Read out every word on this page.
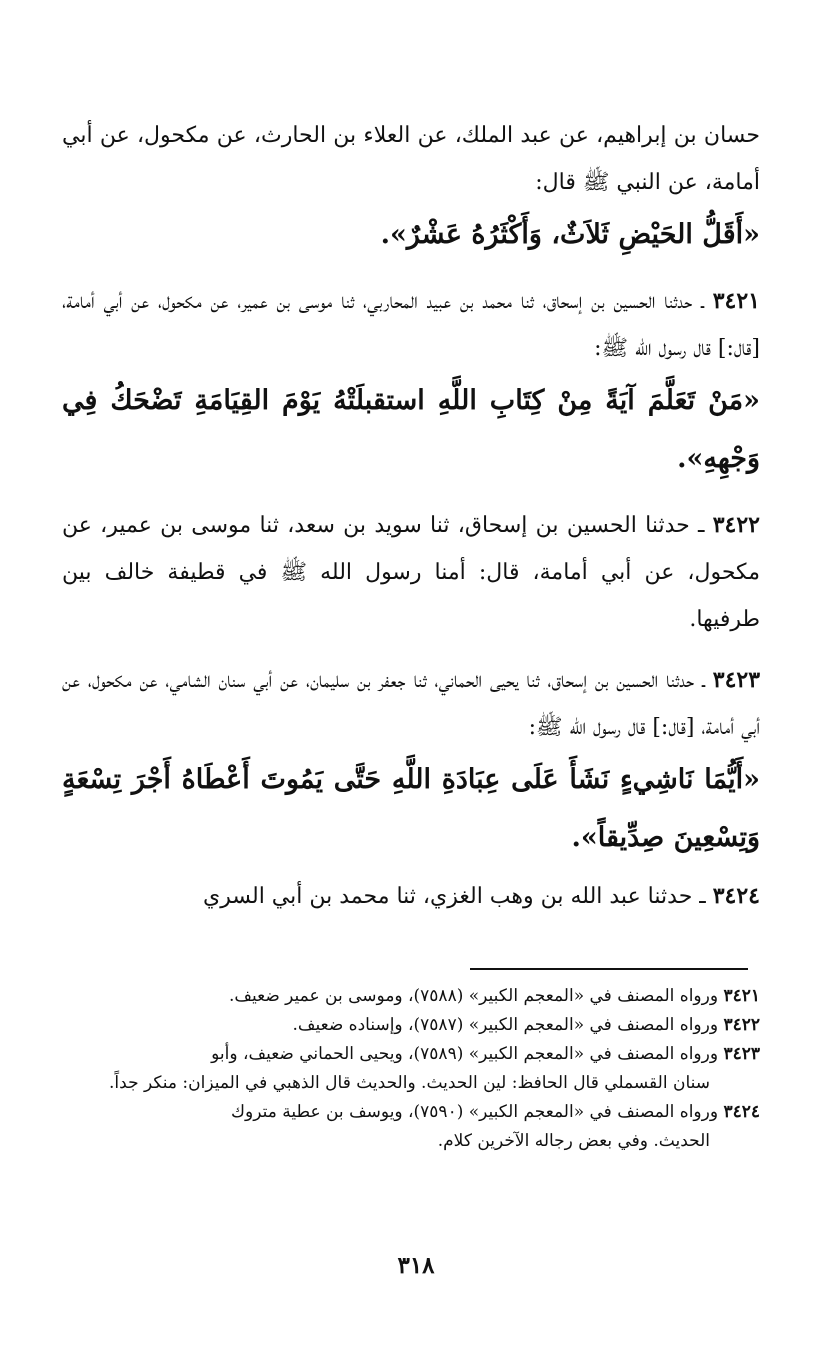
حسان بن إبراهيم، عن عبد الملك، عن العلاء بن الحارث، عن مكحول، عن أبي أمامة، عن النبي ﷺ قال:

«أَقَلُّ الحَيْضِ ثَلاَثٌ، وَأَكْثَرُهُ عَشْرٌ».

٣٤٢١ ـ حدثنا الحسين بن إسحاق، ثنا محمد بن عبيد المحاربي، ثنا موسى بن عمير، عن مكحول، عن أبي أمامة، [قال:] قال رسول الله ﷺ:

«مَنْ تَعَلَّمَ آيَةً مِنْ كِتَابِ اللَّهِ استقبلَتْهُ يَوْمَ القِيَامَةِ تَضْحَكُ فِي وَجْهِهِ».

٣٤٢٢ ـ حدثنا الحسين بن إسحاق، ثنا سويد بن سعد، ثنا موسى بن عمير، عن مكحول، عن أبي أمامة، قال: أمنا رسول الله ﷺ في قطيفة خالف بين طرفيها.

٣٤٢٣ ـ حدثنا الحسين بن إسحاق، ثنا يحيى الحماني، ثنا جعفر بن سليمان، عن أبي سنان الشامي، عن مكحول، عن أبي أمامة، [قال:] قال رسول الله ﷺ:

«أَيُّمَا نَاشِيءٍ نَشَأَ عَلَى عِبَادَةِ اللَّهِ حَتَّى يَمُوتَ أَعْطَاهُ أَجْرَ تِسْعَةٍ وَتِسْعِينَ صِدِّيقاً».

٣٤٢٤ ـ حدثنا عبد الله بن وهب الغزي، ثنا محمد بن أبي السري

٣٤٢١ ورواه المصنف في «المعجم الكبير» (٧٥٨٨)، وموسى بن عمير ضعيف.

٣٤٢٢ ورواه المصنف في «المعجم الكبير» (٧٥٨٧)، وإسناده ضعيف.

٣٤٢٣ ورواه المصنف في «المعجم الكبير» (٧٥٨٩)، ويحيى الحماني ضعيف، وأبو
سنان القسملي قال الحافظ: لين الحديث. والحديث قال الذهبي في الميزان: منكر جداً.

٣٤٢٤ ورواه المصنف في «المعجم الكبير» (٧٥٩٠)، ويوسف بن عطية متروك
الحديث. وفي بعض رجاله الآخرين كلام.

٣١٨
